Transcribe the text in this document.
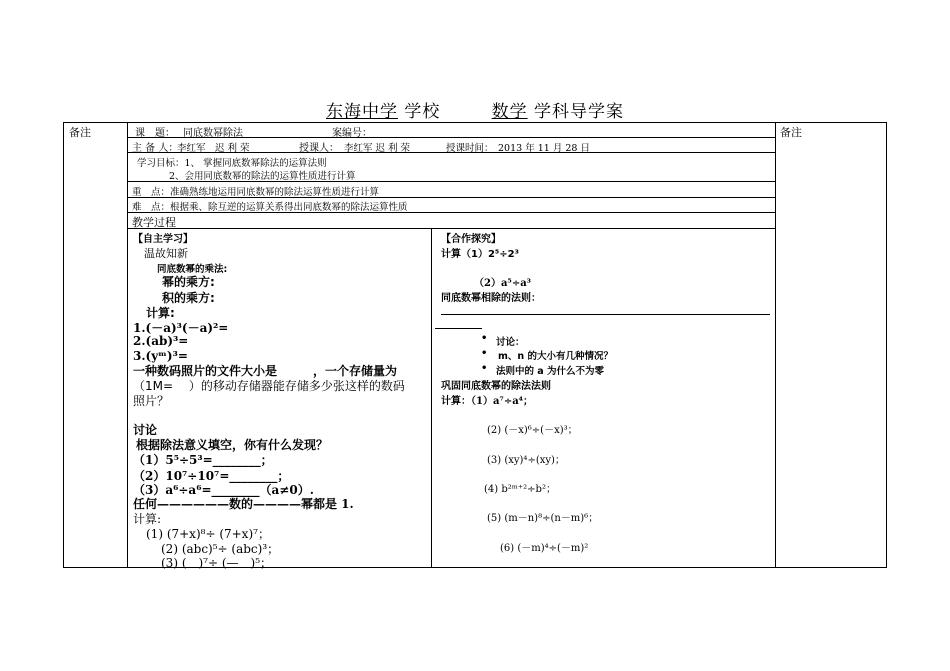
东海中学 学校	数学 学科导学案
备注	备注
课　题： 同底数幂除法	案编号：
主 备 人：
李红军　迟 利 荣	授课人： 李红军 迟 利 荣	授课时间： 2013 年 11 月 28 日
学习目标：1、 掌握同底数幂除法的运算法则
2、会用同底数幂的除法的运算性质进行计算
重　点：准确熟练地运用同底数幂的除法运算性质进行计算
难　点：根据乘、除互逆的运算关系得出同底数幂的除法运算性质
教学过程
【自主学习】
温故知新
同底数幂的乘法:
幂的乘方:
积的乘方:
计算:
1.(－a)³(－a)²=
2.(ab)³=
3.(yᵐ)³=
一种数码照片的文件大小是　　　，一个存储量为
（1M=　 ）的移动存储器能存储多少张这样的数码
照片？
讨论
根据除法意义填空，你有什么发现？
（1）5⁵÷5³=________；
（2）10⁷÷10⁷=________；
（3）a⁶÷a⁶=________（a≠0）.
任何——————数的————幂都是 1.
计算:
(1) (7+x)⁸÷ (7+x)⁷；
(2) (abc)⁵÷ (abc)³；
(3) (　)⁷÷ (—　)⁵；
【合作探究】
计算（1）2⁵÷2³
（2）a⁵÷a³
同底数幂相除的法则：
• 讨论：
• m、n 的大小有几种情况？
• 法则中的 a 为什么不为零
巩固同底数幂的除法法则
计算：（1）a⁷÷a⁴；
(2) (－x)⁶÷(－x)³；
(3) (xy)⁴÷(xy)；
(4) b²ᵐ⁺²÷b²；
(5) (m－n)⁸÷(n－m)⁶；
(6) (－m)⁴÷(－m)²
